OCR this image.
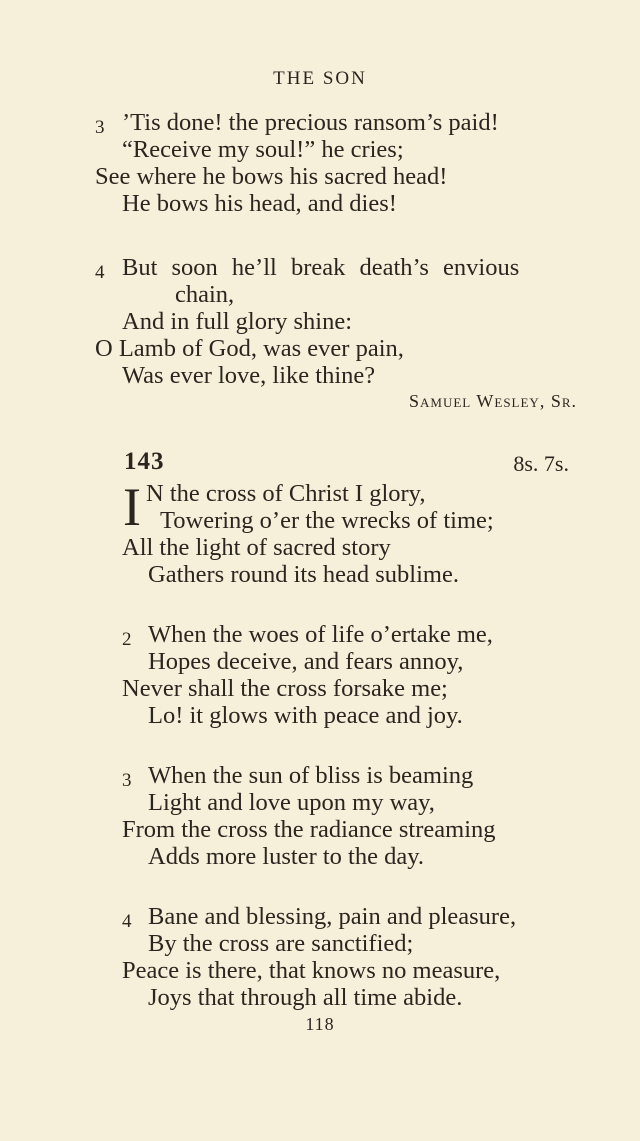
THE SON
3 ’Tis done! the precious ransom’s paid!
“Receive my soul!” he cries;
See where he bows his sacred head!
He bows his head, and dies!
4 But soon he’ll break death’s envious
chain,
And in full glory shine:
O Lamb of God, was ever pain,
Was ever love, like thine?
Samuel Wesley, Sr.
143	8s. 7s.
I N the cross of Christ I glory,
Towering o’er the wrecks of time;
All the light of sacred story
Gathers round its head sublime.
2 When the woes of life o’ertake me,
Hopes deceive, and fears annoy,
Never shall the cross forsake me;
Lo! it glows with peace and joy.
3 When the sun of bliss is beaming
Light and love upon my way,
From the cross the radiance streaming
Adds more luster to the day.
4 Bane and blessing, pain and pleasure,
By the cross are sanctified;
Peace is there, that knows no measure,
Joys that through all time abide.
118
